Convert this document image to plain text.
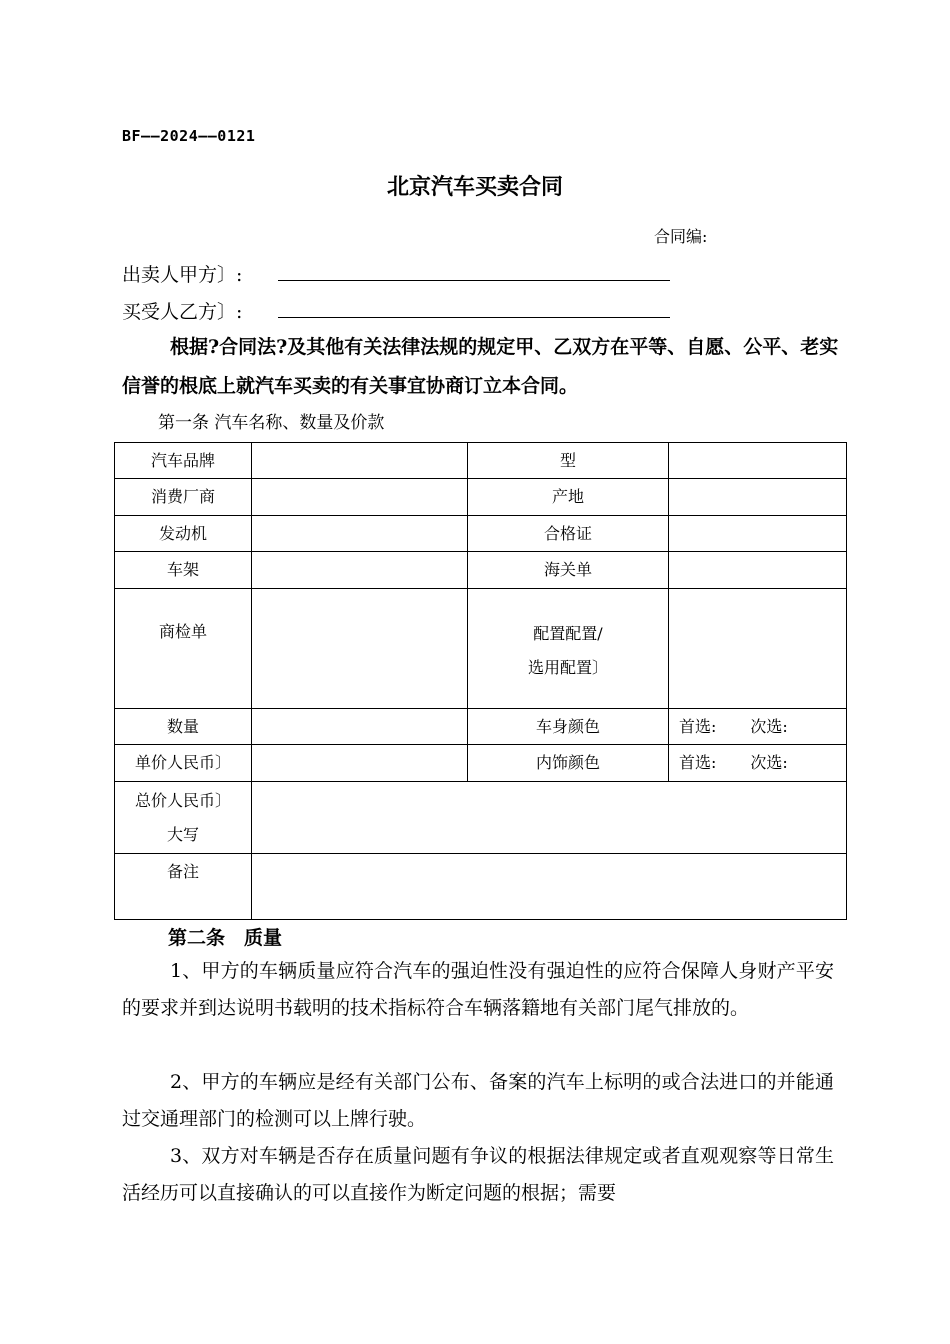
BF——2024——0121
北京汽车买卖合同
合同编:
出卖人甲方〕:
买受人乙方〕:
根据?合同法?及其他有关法律法规的规定甲、乙双方在平等、自愿、公平、老实信誉的根底上就汽车买卖的有关事宜协商订立本合同。
第一条 汽车名称、数量及价款
汽车品牌		型	
消费厂商		产地	
发动机		合格证	
车架		海关单	
商检单		配置配置/
选用配置〕	

数量		车身颜色	首选: 次选:
单价人民币〕		内饰颜色	首选: 次选:

总价人民币〕
大写			

备注			
第二条　质量
1、甲方的车辆质量应符合汽车的强迫性没有强迫性的应符合保障人身财产平安的要求并到达说明书载明的技术指标符合车辆落籍地有关部门尾气排放的。
2、甲方的车辆应是经有关部门公布、备案的汽车上标明的或合法进口的并能通过交通理部门的检测可以上牌行驶。
3、双方对车辆是否存在质量问题有争议的根据法律规定或者直观观察等日常生活经历可以直接确认的可以直接作为断定问题的根据；需要
